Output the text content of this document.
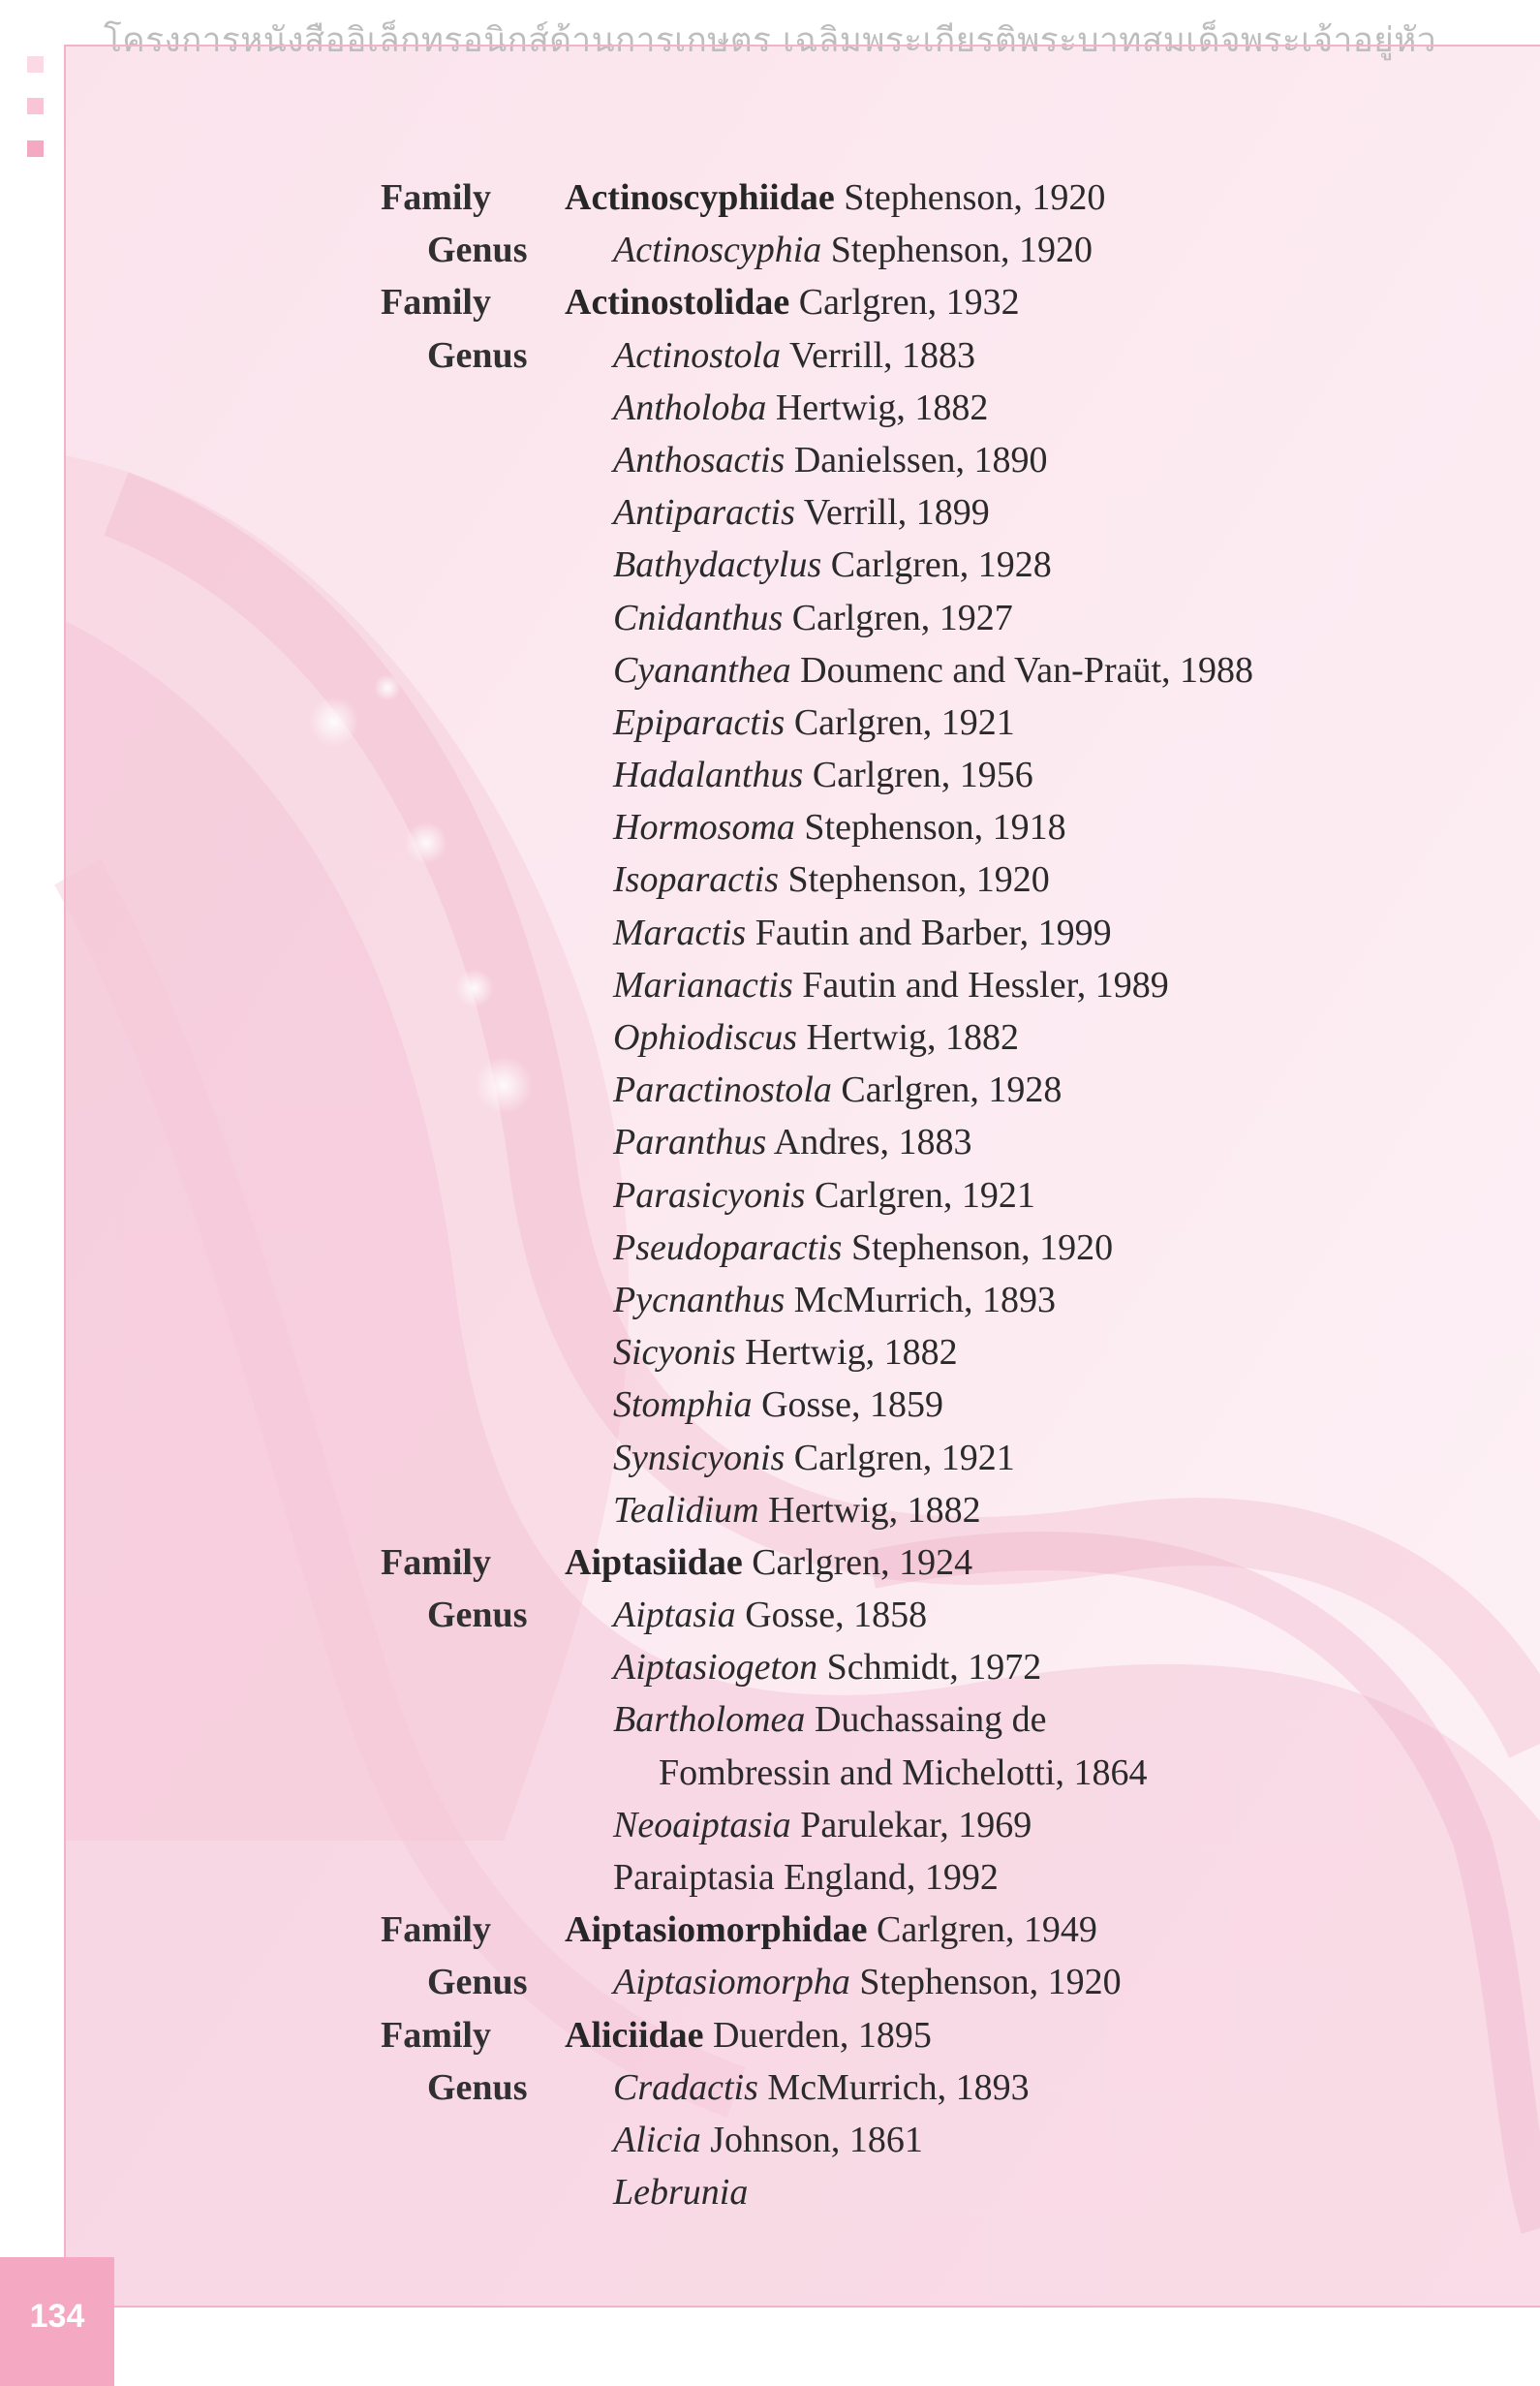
โครงการหนังสืออิเล็กทรอนิกส์ด้านการเกษตร เฉลิมพระเกียรติพระบาทสมเด็จพระเจ้าอยู่หัว
134
Family Actinoscyphiidae Stephenson, 1920
Genus Actinoscyphia Stephenson, 1920
Family Actinostolidae Carlgren, 1932
Genus Actinostola Verrill, 1883
Antholoba Hertwig, 1882
Anthosactis Danielssen, 1890
Antiparactis Verrill, 1899
Bathydactylus Carlgren, 1928
Cnidanthus Carlgren, 1927
Cyananthea Doumenc and Van-Praüt, 1988
Epiparactis Carlgren, 1921
Hadalanthus Carlgren, 1956
Hormosoma Stephenson, 1918
Isoparactis Stephenson, 1920
Maractis Fautin and Barber, 1999
Marianactis Fautin and Hessler, 1989
Ophiodiscus Hertwig, 1882
Paractinostola Carlgren, 1928
Paranthus Andres, 1883
Parasicyonis Carlgren, 1921
Pseudoparactis Stephenson, 1920
Pycnanthus McMurrich, 1893
Sicyonis Hertwig, 1882
Stomphia Gosse, 1859
Synsicyonis Carlgren, 1921
Tealidium Hertwig, 1882
Family Aiptasiidae Carlgren, 1924
Genus Aiptasia Gosse, 1858
Aiptasiogeton Schmidt, 1972
Bartholomea Duchassaing de
Fombressin and Michelotti, 1864
Neoaiptasia Parulekar, 1969
Paraiptasia England, 1992
Family Aiptasiomorphidae Carlgren, 1949
Genus Aiptasiomorpha Stephenson, 1920
Family Aliciidae Duerden, 1895
Genus Cradactis McMurrich, 1893
Alicia Johnson, 1861
Lebrunia
